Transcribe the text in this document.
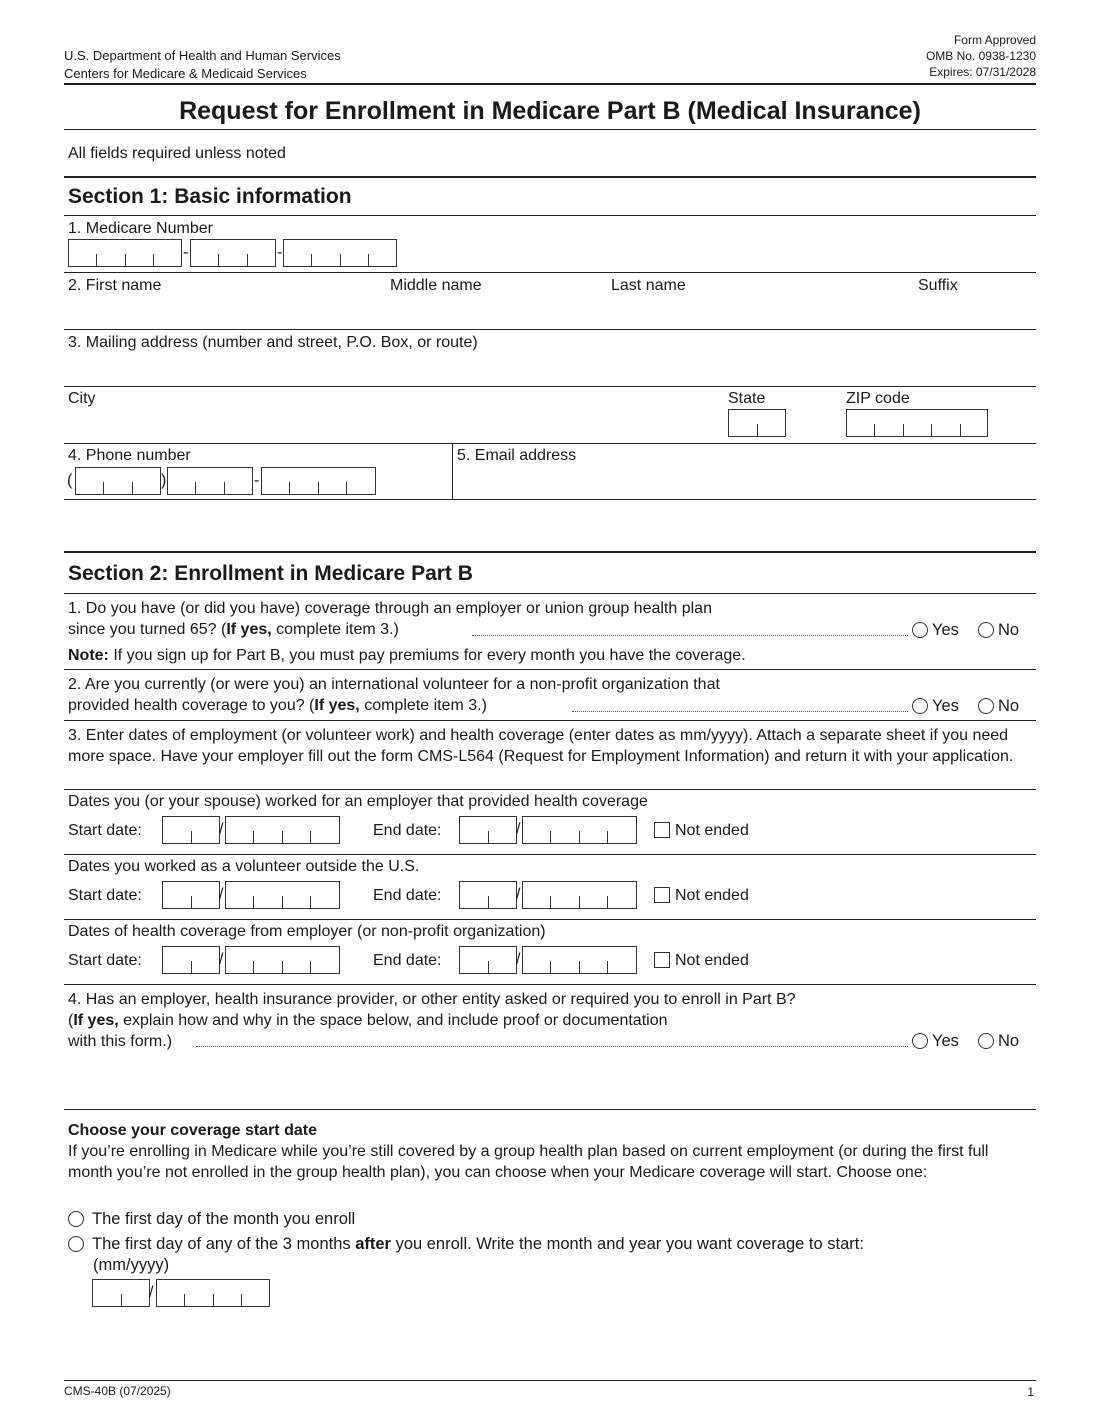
U.S. Department of Health and Human Services
Centers for Medicare & Medicaid Services
Form Approved
OMB No. 0938-1230
Expires: 07/31/2028
Request for Enrollment in Medicare Part B (Medical Insurance)
All fields required unless noted
Section 1: Basic information
1. Medicare Number
-	-
2. First name	Middle name	Last name	Suffix
3. Mailing address (number and street, P.O. Box, or route)
City	State	ZIP code
4. Phone number
(	)	-
5. Email address
Section 2: Enrollment in Medicare Part B
1. Do you have (or did you have) coverage through an employer or union group health plan
since you turned 65? (If yes, complete item 3.)	Yes	No
Note: If you sign up for Part B, you must pay premiums for every month you have the coverage.
2. Are you currently (or were you) an international volunteer for a non-profit organization that
provided health coverage to you? (If yes, complete item 3.)	Yes	No
3. Enter dates of employment (or volunteer work) and health coverage (enter dates as mm/yyyy). Attach a separate sheet if you need more space. Have your employer fill out the form CMS-L564 (Request for Employment Information) and return it with your application.
Dates you (or your spouse) worked for an employer that provided health coverage
Start date:	/	End date:	/	Not ended
Dates you worked as a volunteer outside the U.S.
Start date:	/	End date:	/	Not ended
Dates of health coverage from employer (or non-profit organization)
Start date:	/	End date:	/	Not ended
4. Has an employer, health insurance provider, or other entity asked or required you to enroll in Part B?
(If yes, explain how and why in the space below, and include proof or documentation
with this form.)	Yes	No
Choose your coverage start date
If you’re enrolling in Medicare while you’re still covered by a group health plan based on current employment (or during the first full month you’re not enrolled in the group health plan), you can choose when your Medicare coverage will start. Choose one:
The first day of the month you enroll
The first day of any of the 3 months after you enroll. Write the month and year you want coverage to start:
(mm/yyyy)
/
CMS-40B (07/2025)	1
